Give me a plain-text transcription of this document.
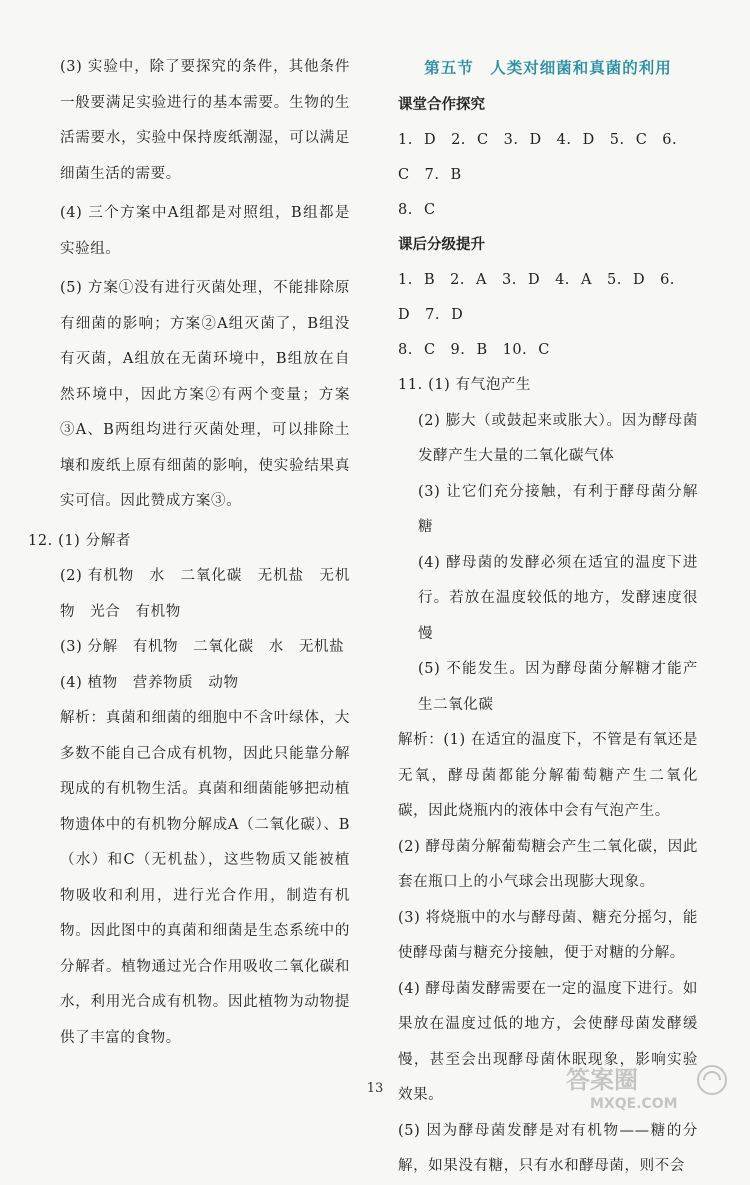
(3) 实验中，除了要探究的条件，其他条件一般要满足实验进行的基本需要。生物的生活需要水，实验中保持废纸潮湿，可以满足细菌生活的需要。

(4) 三个方案中A组都是对照组，B组都是实验组。

(5) 方案①没有进行灭菌处理，不能排除原有细菌的影响；方案②A组灭菌了，B组没有灭菌，A组放在无菌环境中，B组放在自然环境中，因此方案②有两个变量；方案③A、B两组均进行灭菌处理，可以排除土壤和废纸上原有细菌的影响，使实验结果真实可信。因此赞成方案③。

12. (1) 分解者

(2) 有机物　水　二氧化碳　无机盐　无机物　光合　有机物

(3) 分解　有机物　二氧化碳　水　无机盐

(4) 植物　营养物质　动物

解析：真菌和细菌的细胞中不含叶绿体，大多数不能自己合成有机物，因此只能靠分解现成的有机物生活。真菌和细菌能够把动植物遗体中的有机物分解成A（二氧化碳）、B（水）和C（无机盐），这些物质又能被植物吸收和利用，进行光合作用，制造有机物。因此图中的真菌和细菌是生态系统中的分解者。植物通过光合作用吸收二氧化碳和水，利用光合成有机物。因此植物为动物提供了丰富的食物。

第五节　人类对细菌和真菌的利用

课堂合作探究

1. D　2. C　3. D　4. D　5. C　6. C　7. B

8. C

课后分级提升

1. B　2. A　3. D　4. A　5. D　6. D　7. D

8. C　9. B　10. C

11. (1) 有气泡产生

(2) 膨大（或鼓起来或胀大）。因为酵母菌发酵产生大量的二氧化碳气体

(3) 让它们充分接触，有利于酵母菌分解糖

(4) 酵母菌的发酵必须在适宜的温度下进行。若放在温度较低的地方，发酵速度很慢

(5) 不能发生。因为酵母菌分解糖才能产生二氧化碳

解析：(1) 在适宜的温度下，不管是有氧还是无氧，酵母菌都能分解葡萄糖产生二氧化碳，因此烧瓶内的液体中会有气泡产生。

(2) 酵母菌分解葡萄糖会产生二氧化碳，因此套在瓶口上的小气球会出现膨大现象。

(3) 将烧瓶中的水与酵母菌、糖充分摇匀，能使酵母菌与糖充分接触，便于对糖的分解。

(4) 酵母菌发酵需要在一定的温度下进行。如果放在温度过低的地方，会使酵母菌发酵缓慢，甚至会出现酵母菌休眠现象，影响实验效果。

(5) 因为酵母菌发酵是对有机物——糖的分解，如果没有糖，只有水和酵母菌，则不会

13	答案圈
MXQE.COM
